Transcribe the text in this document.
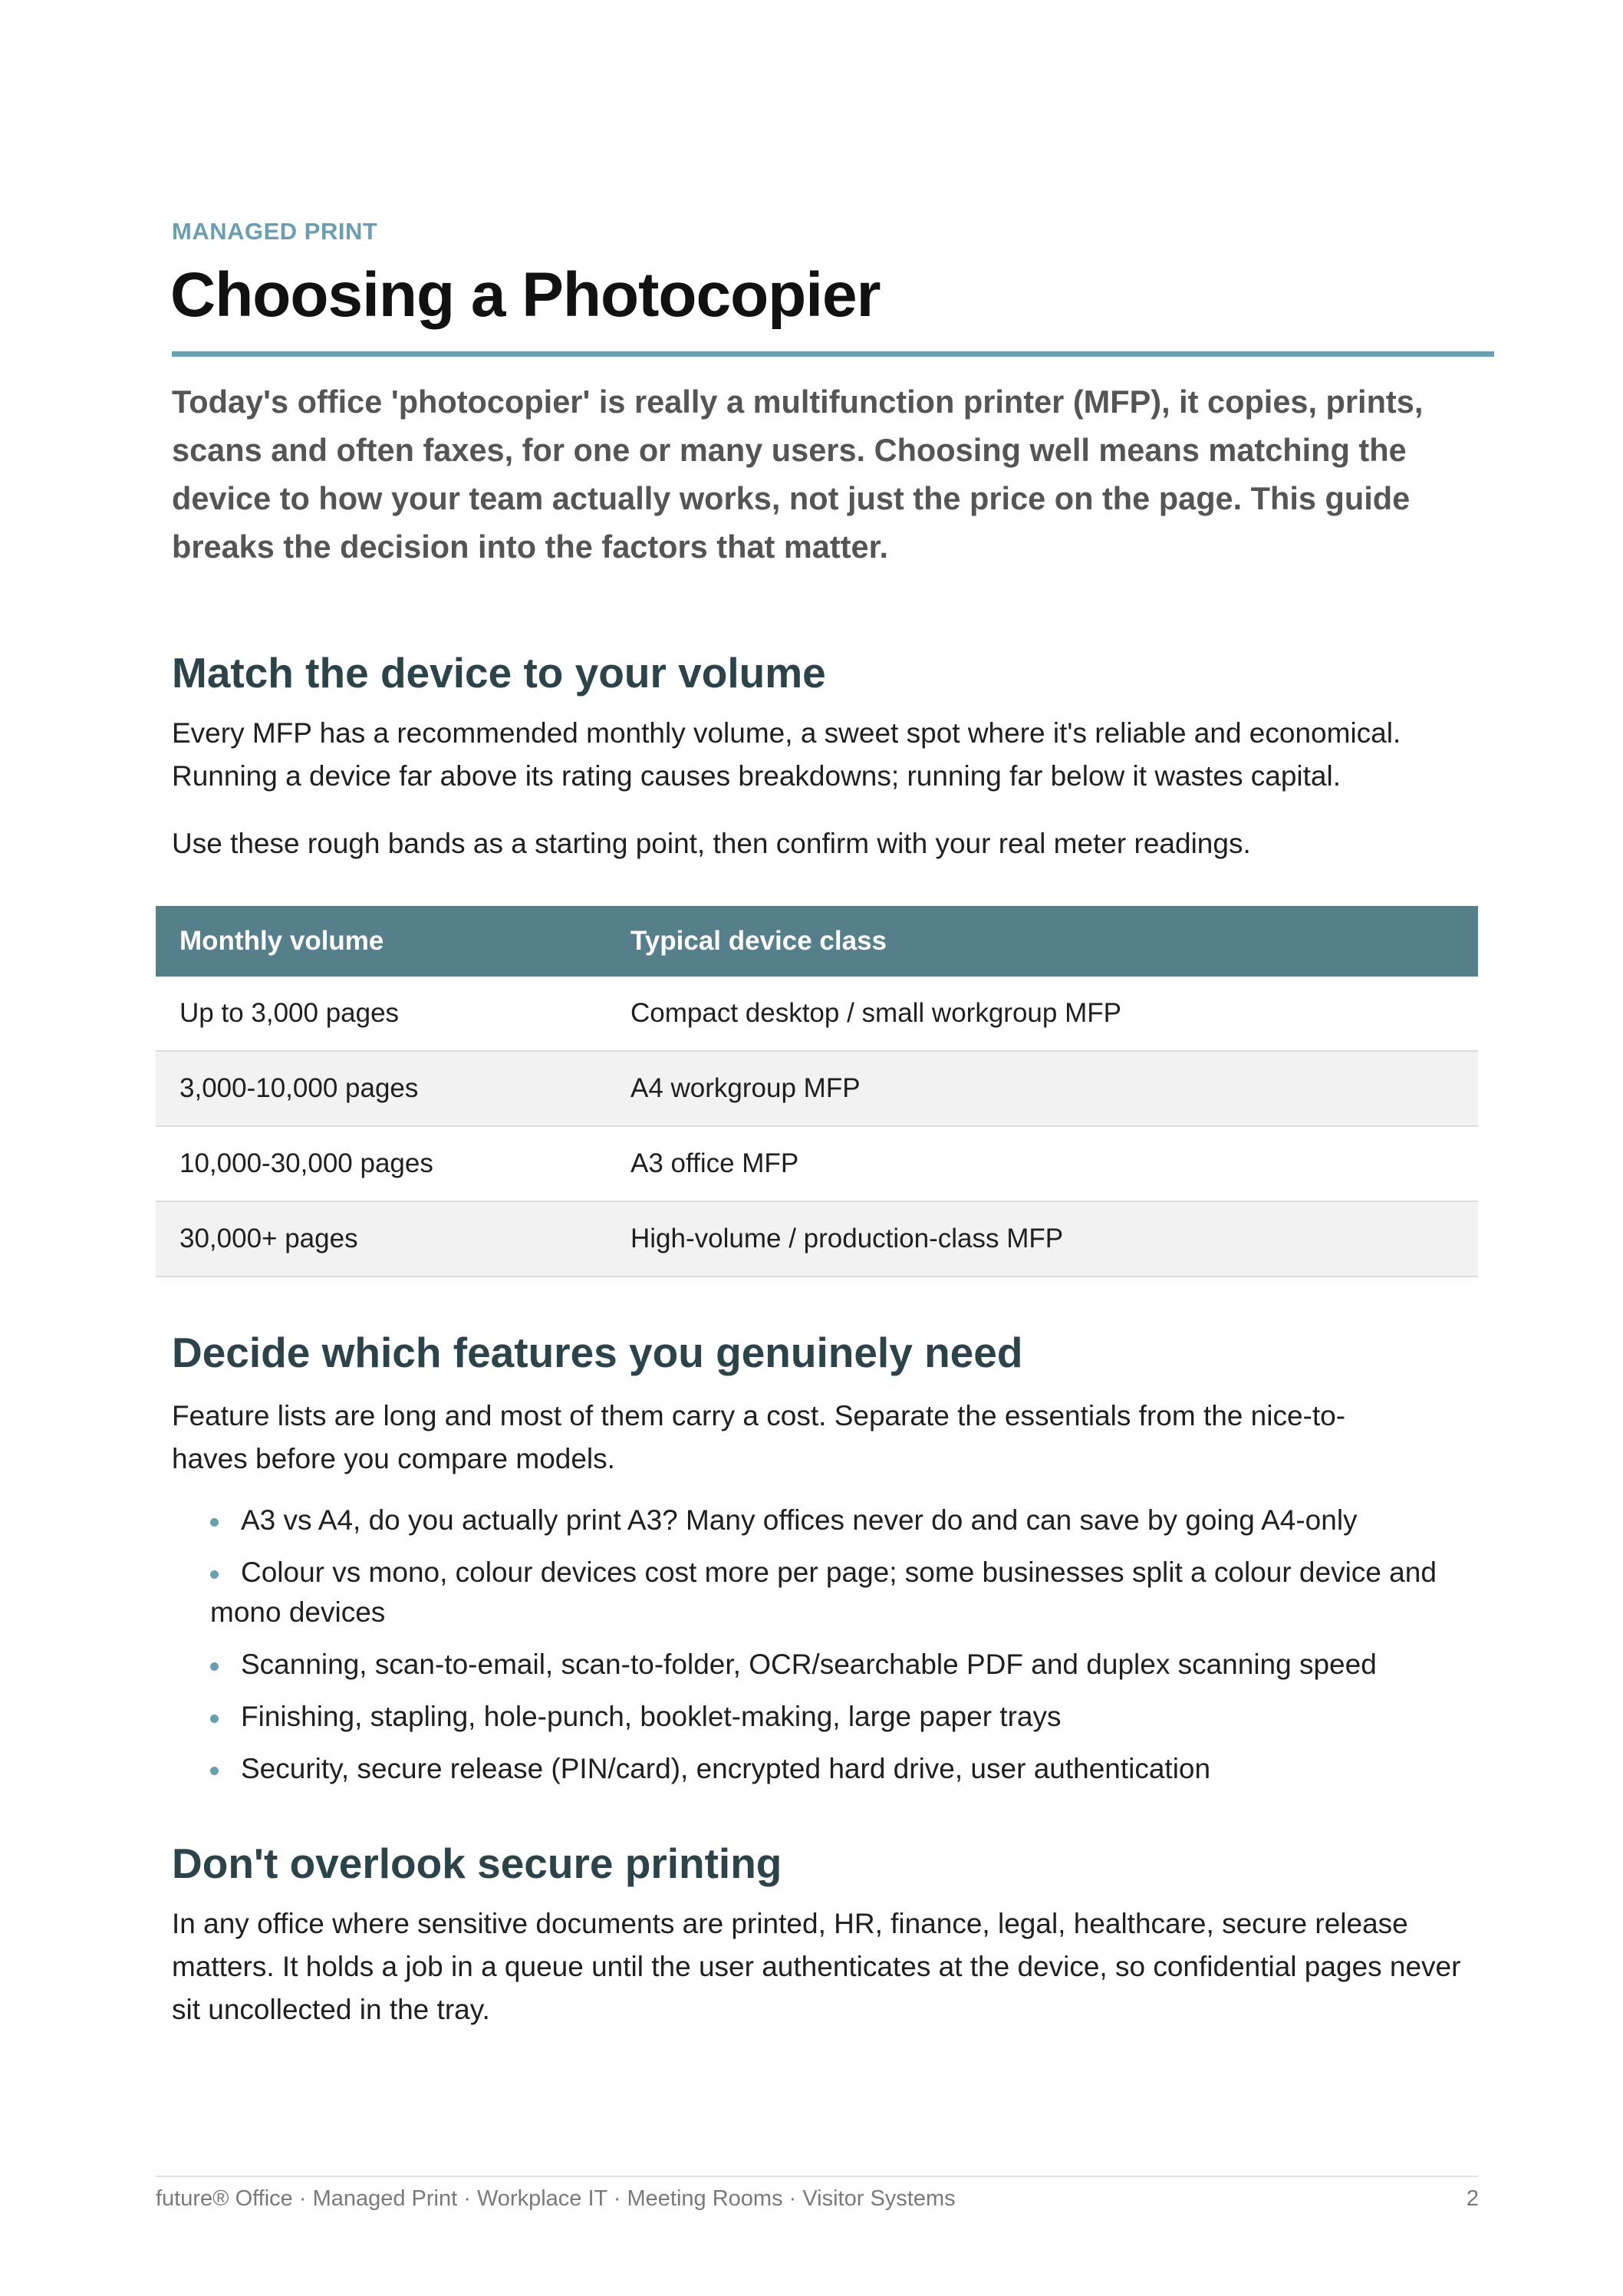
MANAGED PRINT
Choosing a Photocopier

Today's office 'photocopier' is really a multifunction printer (MFP), it copies, prints, scans and often faxes, for one or many users. Choosing well means matching the device to how your team actually works, not just the price on the page. This guide breaks the decision into the factors that matter.

Match the device to your volume

Every MFP has a recommended monthly volume, a sweet spot where it's reliable and economical. Running a device far above its rating causes breakdowns; running far below it wastes capital.

Use these rough bands as a starting point, then confirm with your real meter readings.

Monthly volume	Typical device class
Up to 3,000 pages	Compact desktop / small workgroup MFP
3,000-10,000 pages	A4 workgroup MFP
10,000-30,000 pages	A3 office MFP
30,000+ pages	High-volume / production-class MFP
Decide which features you genuinely need

Feature lists are long and most of them carry a cost. Separate the essentials from the nice-to-haves before you compare models.

A3 vs A4, do you actually print A3? Many offices never do and can save by going A4-only
Colour vs mono, colour devices cost more per page; some businesses split a colour device and mono devices
Scanning, scan-to-email, scan-to-folder, OCR/searchable PDF and duplex scanning speed
Finishing, stapling, hole-punch, booklet-making, large paper trays
Security, secure release (PIN/card), encrypted hard drive, user authentication
Don't overlook secure printing

In any office where sensitive documents are printed, HR, finance, legal, healthcare, secure release matters. It holds a job in a queue until the user authenticates at the device, so confidential pages never sit uncollected in the tray.

future® Office · Managed Print · Workplace IT · Meeting Rooms · Visitor Systems	2
